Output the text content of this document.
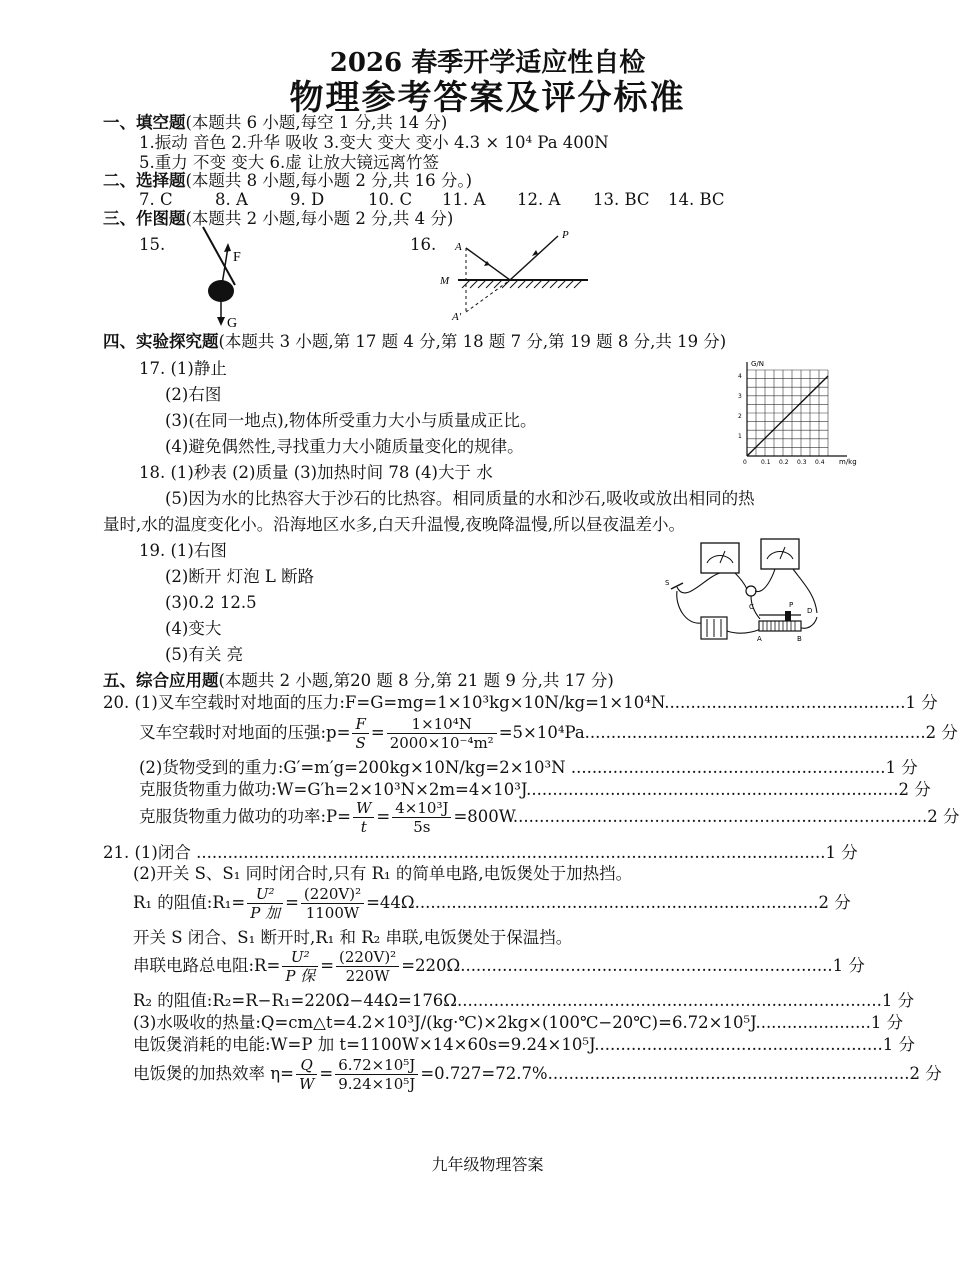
2026 春季开学适应性自检
物理参考答案及评分标准
一、填空题(本题共 6 小题,每空 1 分,共 14 分)
1.振动 音色 2.升华 吸收 3.变大 变大 变小 4.3 × 10⁴ Pa 400N
5.重力 不变 变大 6.虚 让放大镜远离竹签
二、选择题(本题共 8 小题,每小题 2 分,共 16 分。)
7. C	8. A	9. D	10. C 11. A 12. A 13. BC 14. BC
三、作图题(本题共 2 小题,每小题 2 分,共 4 分)
15.	16.
F
G
A
M
A′
P
四、实验探究题(本题共 3 小题,第 17 题 4 分,第 18 题 7 分,第 19 题 8 分,共 19 分)
17. (1)静止
(2)右图
(3)(在同一地点),物体所受重力大小与质量成正比。
(4)避免偶然性,寻找重力大小随质量变化的规律。
18. (1)秒表 (2)质量 (3)加热时间 78 (4)大于 水
(5)因为水的比热容大于沙石的比热容。相同质量的水和沙石,吸收或放出相同的热
量时,水的温度变化小。沿海地区水多,白天升温慢,夜晚降温慢,所以昼夜温差小。
19. (1)右图
(2)断开 灯泡 L 断路
(3)0.2 12.5
(4)变大
(5)有关 亮
G/N
m/kg
4
3
2
1
0 0.1 0.2 0.3 0.4
S
C	P
D
A	B
五、综合应用题(本题共 2 小题,第20 题 8 分,第 21 题 9 分,共 17 分)
20. (1)叉车空载时对地面的压力:F=G=mg=1×10³kg×10N/kg=1×10⁴N..............................................1 分
叉车空载时对地面的压强:p= $\frac{F}{S} = \frac{\text{1×10⁴N}}{\text{2000×10⁻⁴m²}} =5\times 10^4Pa.................................................................2$ 分
(2)货物受到的重力:G′=m′g=200kg×10N/kg=2×10³N ............................................................1 分
克服货物重力做功:W=G′h=2×10³N×2m=4×10³J.......................................................................2 分
克服货物重力做功的功率:P= $\frac{W}{t} = \frac{\text{4×10³J}}{5s} =800W...............................................................................2$ 分
21. (1)闭合 ........................................................................................................................1 分
(2)开关 S、S₁ 同时闭合时,只有 R₁ 的简单电路,电饭煲处于加热挡。
R₁ 的阻值:R₁= $\frac{\text{U²}}{\text{P 加}} = \frac{\text{(220V)²}}{1100W} =44\Omega.............................................................................2$ 分
开关 S 闭合、S₁ 断开时,R₁ 和 R₂ 串联,电饭煲处于保温挡。
串联电路总电阻:R= $\frac{\text{U²}}{\text{P 保}} = \frac{\text{(220V)²}}{220W} =220\Omega.......................................................................1$ 分
R₂ 的阻值:R₂=R−R₁=220Ω−44Ω=176Ω.................................................................................1 分
(3)水吸收的热量:Q=cm△t=4.2×10³J/(kg·℃)×2kg×(100℃−20℃)=6.72×10⁵J......................1 分
电饭煲消耗的电能:W=P 加 t=1100W×14×60s=9.24×10⁵J.......................................................1 分
电饭煲的加热效率 $\eta= \frac{Q}{W} = \frac{\text{6.72×10⁵J}}{\text{9.24×10⁵J}} =0.727=72.7\%.....................................................................2$ 分
九年级物理答案
